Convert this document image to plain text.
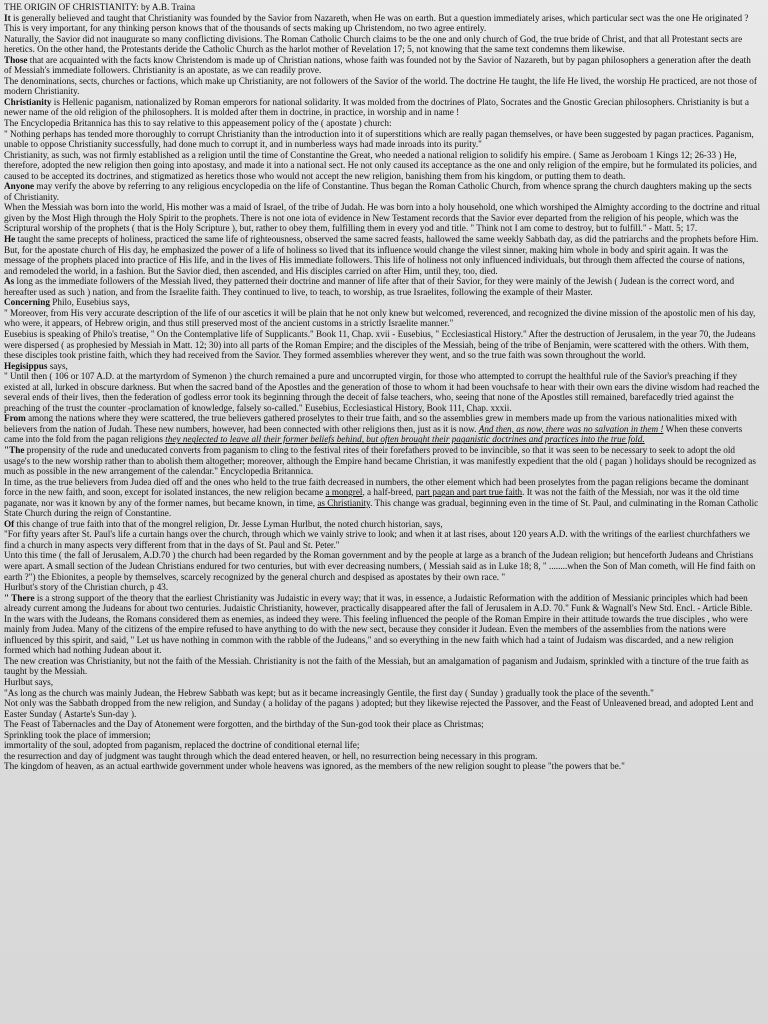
THE ORIGIN OF CHRISTIANITY: by A.B. Traina

It is generally believed and taught that Christianity was founded by the Savior from Nazareth, when He was on earth. But a question immediately arises, which particular sect was the one He originated ? This is very important, for any thinking person knows that of the thousands of sects making up Christendom, no two agree entirely.

Naturally, the Savior did not inaugurate so many conflicting divisions. The Roman Catholic Church claims to be the one and only church of God, the true bride of Christ, and that all Protestant sects are heretics. On the other hand, the Protestants deride the Catholic Church as the harlot mother of Revelation 17; 5, not knowing that the same text condemns them likewise.

Those that are acquainted with the facts know Christendom is made up of Christian nations, whose faith was founded not by the Savior of Nazareth, but by pagan philosophers a generation after the death of Messiah's immediate followers. Christianity is an apostate, as we can readily prove.

The denominations, sects, churches or factions, which make up Christianity, are not followers of the Savior of the world. The doctrine He taught, the life He lived, the worship He practiced, are not those of modern Christianity.

Christianity is Hellenic paganism, nationalized by Roman emperors for national solidarity. It was molded from the doctrines of Plato, Socrates and the Gnostic Grecian philosophers. Christianity is but a newer name of the old religion of the philosophers. It is molded after them in doctrine, in practice, in worship and in name !

The Encyclopedia Britannica has this to say relative to this appeasement policy of the ( apostate ) church:

" Nothing perhaps has tended more thoroughly to corrupt Christianity than the introduction into it of superstitions which are really pagan themselves, or have been suggested by pagan practices. Paganism, unable to oppose Christianity successfully, had done much to corrupt it, and in numberless ways had made inroads into its purity."

Christianity, as such, was not firmly established as a religion until the time of Constantine the Great, who needed a national religion to solidify his empire. ( Same as Jeroboam 1 Kings 12; 26-33 ) He, therefore, adopted the new religion then going into apostasy, and made it into a national sect. He not only caused its acceptance as the one and only religion of the empire, but he formulated its policies, and caused to be accepted its doctrines, and stigmatized as heretics those who would not accept the new religion, banishing them from his kingdom, or putting them to death.

Anyone may verify the above by referring to any religious encyclopedia on the life of Constantine. Thus began the Roman Catholic Church, from whence sprang the church daughters making up the sects of Christianity.

When the Messiah was born into the world, His mother was a maid of Israel, of the tribe of Judah. He was born into a holy household, one which worshiped the Almighty according to the doctrine and ritual given by the Most High through the Holy Spirit to the prophets. There is not one iota of evidence in New Testament records that the Savior ever departed from the religion of his people, which was the Scriptural worship of the prophets ( that is the Holy Scripture ), but, rather to obey them, fulfilling them in every yod and title. " Think not I am come to destroy, but to fulfill." - Matt. 5; 17.

He taught the same precepts of holiness, practiced the same life of righteousness, observed the same sacred feasts, hallowed the same weekly Sabbath day, as did the patriarchs and the prophets before Him. But, for the apostate church of His day, he emphasized the power of a life of holiness so lived that its influence would change the vilest sinner, making him whole in body and spirit again. It was the message of the prophets placed into practice of His life, and in the lives of His immediate followers. This life of holiness not only influenced individuals, but through them affected the course of nations, and remodeled the world, in a fashion. But the Savior died, then ascended, and His disciples carried on after Him, until they, too, died.

As long as the immediate followers of the Messiah lived, they patterned their doctrine and manner of life after that of their Savior, for they were mainly of the Jewish ( Judean is the correct word, and hereafter used as such ) nation, and from the Israelite faith. They continued to live, to teach, to worship, as true Israelites, following the example of their Master.

Concerning Philo, Eusebius says,

" Moreover, from His very accurate description of the life of our ascetics it will be plain that he not only knew but welcomed, reverenced, and recognized the divine mission of the apostolic men of his day, who were, it appears, of Hebrew origin, and thus still preserved most of the ancient customs in a strictly Israelite manner."

Eusebius is speaking of Philo's treatise, " On the Contemplative life of Supplicants." Book 11, Chap. xvii - Eusebius, " Ecclesiastical History." After the destruction of Jerusalem, in the year 70, the Judeans were dispersed ( as prophesied by Messiah in Matt. 12; 30) into all parts of the Roman Empire; and the disciples of the Messiah, being of the tribe of Benjamin, were scattered with the others. With them, these disciples took pristine faith, which they had received from the Savior. They formed assemblies wherever they went, and so the true faith was sown throughout the world.

Hegisippus says,

" Until then ( 106 or 107 A.D. at the martyrdom of Symenon ) the church remained a pure and uncorrupted virgin, for those who attempted to corrupt the healthful rule of the Savior's preaching if they existed at all, lurked in obscure darkness. But when the sacred band of the Apostles and the generation of those to whom it had been vouchsafe to hear with their own ears the divine wisdom had reached the several ends of their lives, then the federation of godless error took its beginning through the deceit of false teachers, who, seeing that none of the Apostles still remained, barefacedly tried against the preaching of the trust the counter -proclamation of knowledge, falsely so-called." Eusebius, Ecclesiastical History, Book 111, Chap. xxxii.

From among the nations where they were scattered, the true believers gathered proselytes to their true faith, and so the assemblies grew in members made up from the various nationalities mixed with believers from the nation of Judah. These new numbers, however, had been connected with other religions then, just as it is now. And then, as now, there was no salvation in them ! When these converts came into the fold from the pagan religions they neglected to leave all their former beliefs behind, but often brought their paganistic doctrines and practices into the true fold.

"The propensity of the rude and uneducated converts from paganism to cling to the festival rites of their forefathers proved to be invincible, so that it was seen to be necessary to seek to adopt the old usage's to the new worship rather than to abolish them altogether; moreover, although the Empire hand became Christian, it was manifestly expedient that the old ( pagan ) holidays should be recognized as much as possible in the new arrangement of the calendar." Encyclopedia Britannica.

In time, as the true believers from Judea died off and the ones who held to the true faith decreased in numbers, the other element which had been proselytes from the pagan religions became the dominant force in the new faith, and soon, except for isolated instances, the new religion became a mongrel, a half-breed, part pagan and part true faith. It was not the faith of the Messiah, nor was it the old time paganate, nor was it known by any of the former names, but became known, in time, as Christianity. This change was gradual, beginning even in the time of St. Paul, and culminating in the Roman Catholic State Church during the reign of Constantine.

Of this change of true faith into that of the mongrel religion, Dr. Jesse Lyman Hurlbut, the noted church historian, says,

"For fifty years after St. Paul's life a curtain hangs over the church, through which we vainly strive to look; and when it at last rises, about 120 years A.D. with the writings of the earliest churchfathers we find a church in many aspects very different from that in the days of St. Paul and St. Peter."

Unto this time ( the fall of Jerusalem, A.D.70 ) the church had been regarded by the Roman government and by the people at large as a branch of the Judean religion; but henceforth Judeans and Christians were apart. A small section of the Judean Christians endured for two centuries, but with ever decreasing numbers, ( Messiah said as in Luke 18; 8, " ........when the Son of Man cometh, will He find faith on earth ?") the Ebionites, a people by themselves, scarcely recognized by the general church and despised as apostates by their own race. "

Hurlbut's story of the Christian church, p 43.

" There is a strong support of the theory that the earliest Christianity was Judaistic in every way; that it was, in essence, a Judaistic Reformation with the addition of Messianic principles which had been already current among the Judeans for about two centuries. Judaistic Christianity, however, practically disappeared after the fall of Jerusalem in A.D. 70." Funk & Wagnall's New Std. Encl. - Article Bible.

In the wars with the Judeans, the Romans considered them as enemies, as indeed they were. This feeling influenced the people of the Roman Empire in their attitude towards the true disciples , who were mainly from Judea. Many of the citizens of the empire refused to have anything to do with the new sect, because they consider it Judean. Even the members of the assemblies from the nations were influenced by this spirit, and said, " Let us have nothing in common with the rabble of the Judeans," and so everything in the new faith which had a taint of Judaism was discarded, and a new religion formed which had nothing Judean about it.

The new creation was Christianity, but not the faith of the Messiah. Christianity is not the faith of the Messiah, but an amalgamation of paganism and Judaism, sprinkled with a tincture of the true faith as taught by the Messiah.

Hurlbut says,

"As long as the church was mainly Judean, the Hebrew Sabbath was kept; but as it became increasingly Gentile, the first day ( Sunday ) gradually took the place of the seventh."

Not only was the Sabbath dropped from the new religion, and Sunday ( a holiday of the pagans ) adopted; but they likewise rejected the Passover, and the Feast of Unleavened bread, and adopted Lent and Easter Sunday ( Astarte's Sun-day ).

The Feast of Tabernacles and the Day of Atonement were forgotten, and the birthday of the Sun-god took their place as Christmas;

Sprinkling took the place of immersion;

immortality of the soul, adopted from paganism, replaced the doctrine of conditional eternal life;

the resurrection and day of judgment was taught through which the dead entered heaven, or hell, no resurrection being necessary in this program.

The kingdom of heaven, as an actual earthwide government under whole heavens was ignored, as the members of the new religion sought to please "the powers that be."
